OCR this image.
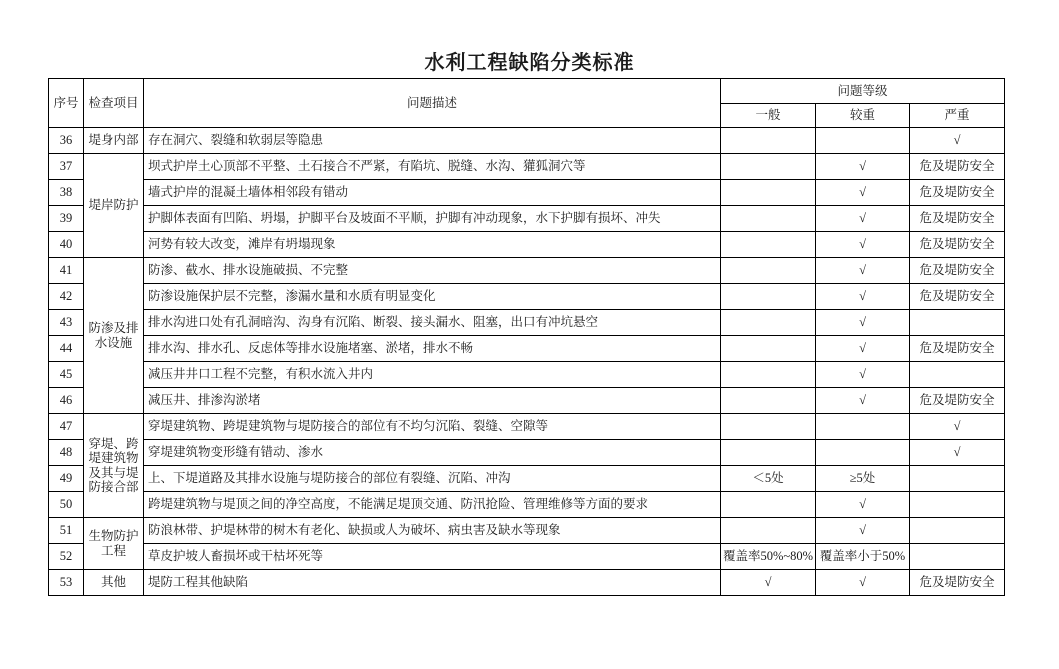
水利工程缺陷分类标准
序号	检查项目	问题描述	问题等级		
			一般	较重	严重
36	堤身内部	存在洞穴、裂缝和软弱层等隐患			√
37	堤岸防护	坝式护岸土心顶部不平整、土石接合不严紧，有陷坑、脱缝、水沟、獾狐洞穴等		√	危及堤防安全
38		墙式护岸的混凝土墙体相邻段有错动		√	危及堤防安全
39		护脚体表面有凹陷、坍塌，护脚平台及坡面不平顺，护脚有冲动现象，水下护脚有损坏、冲失		√	危及堤防安全
40		河势有较大改变，滩岸有坍塌现象		√	危及堤防安全
41	防渗及排水设施	防渗、截水、排水设施破损、不完整		√	危及堤防安全
42		防渗设施保护层不完整，渗漏水量和水质有明显变化		√	危及堤防安全
43		排水沟进口处有孔洞暗沟、沟身有沉陷、断裂、接头漏水、阻塞，出口有冲坑悬空		√	
44		排水沟、排水孔、反虑体等排水设施堵塞、淤堵，排水不畅		√	危及堤防安全
45		减压井井口工程不完整，有积水流入井内		√	
46		减压井、排渗沟淤堵		√	危及堤防安全
47	穿堤、跨堤建筑物及其与堤防接合部	穿堤建筑物、跨堤建筑物与堤防接合的部位有不均匀沉陷、裂缝、空隙等			√
48		穿堤建筑物变形缝有错动、渗水			√
49		上、下堤道路及其排水设施与堤防接合的部位有裂缝、沉陷、冲沟	＜5处	≥5处	
50		跨堤建筑物与堤顶之间的净空高度，不能满足堤顶交通、防汛抢险、管理维修等方面的要求		√	
51	生物防护工程	防浪林带、护堤林带的树木有老化、缺损或人为破坏、病虫害及缺水等现象		√	
52		草皮护坡人畜损坏或干枯坏死等	覆盖率50%~80%	覆盖率小于50%	
53	其他	堤防工程其他缺陷	√	√	危及堤防安全
